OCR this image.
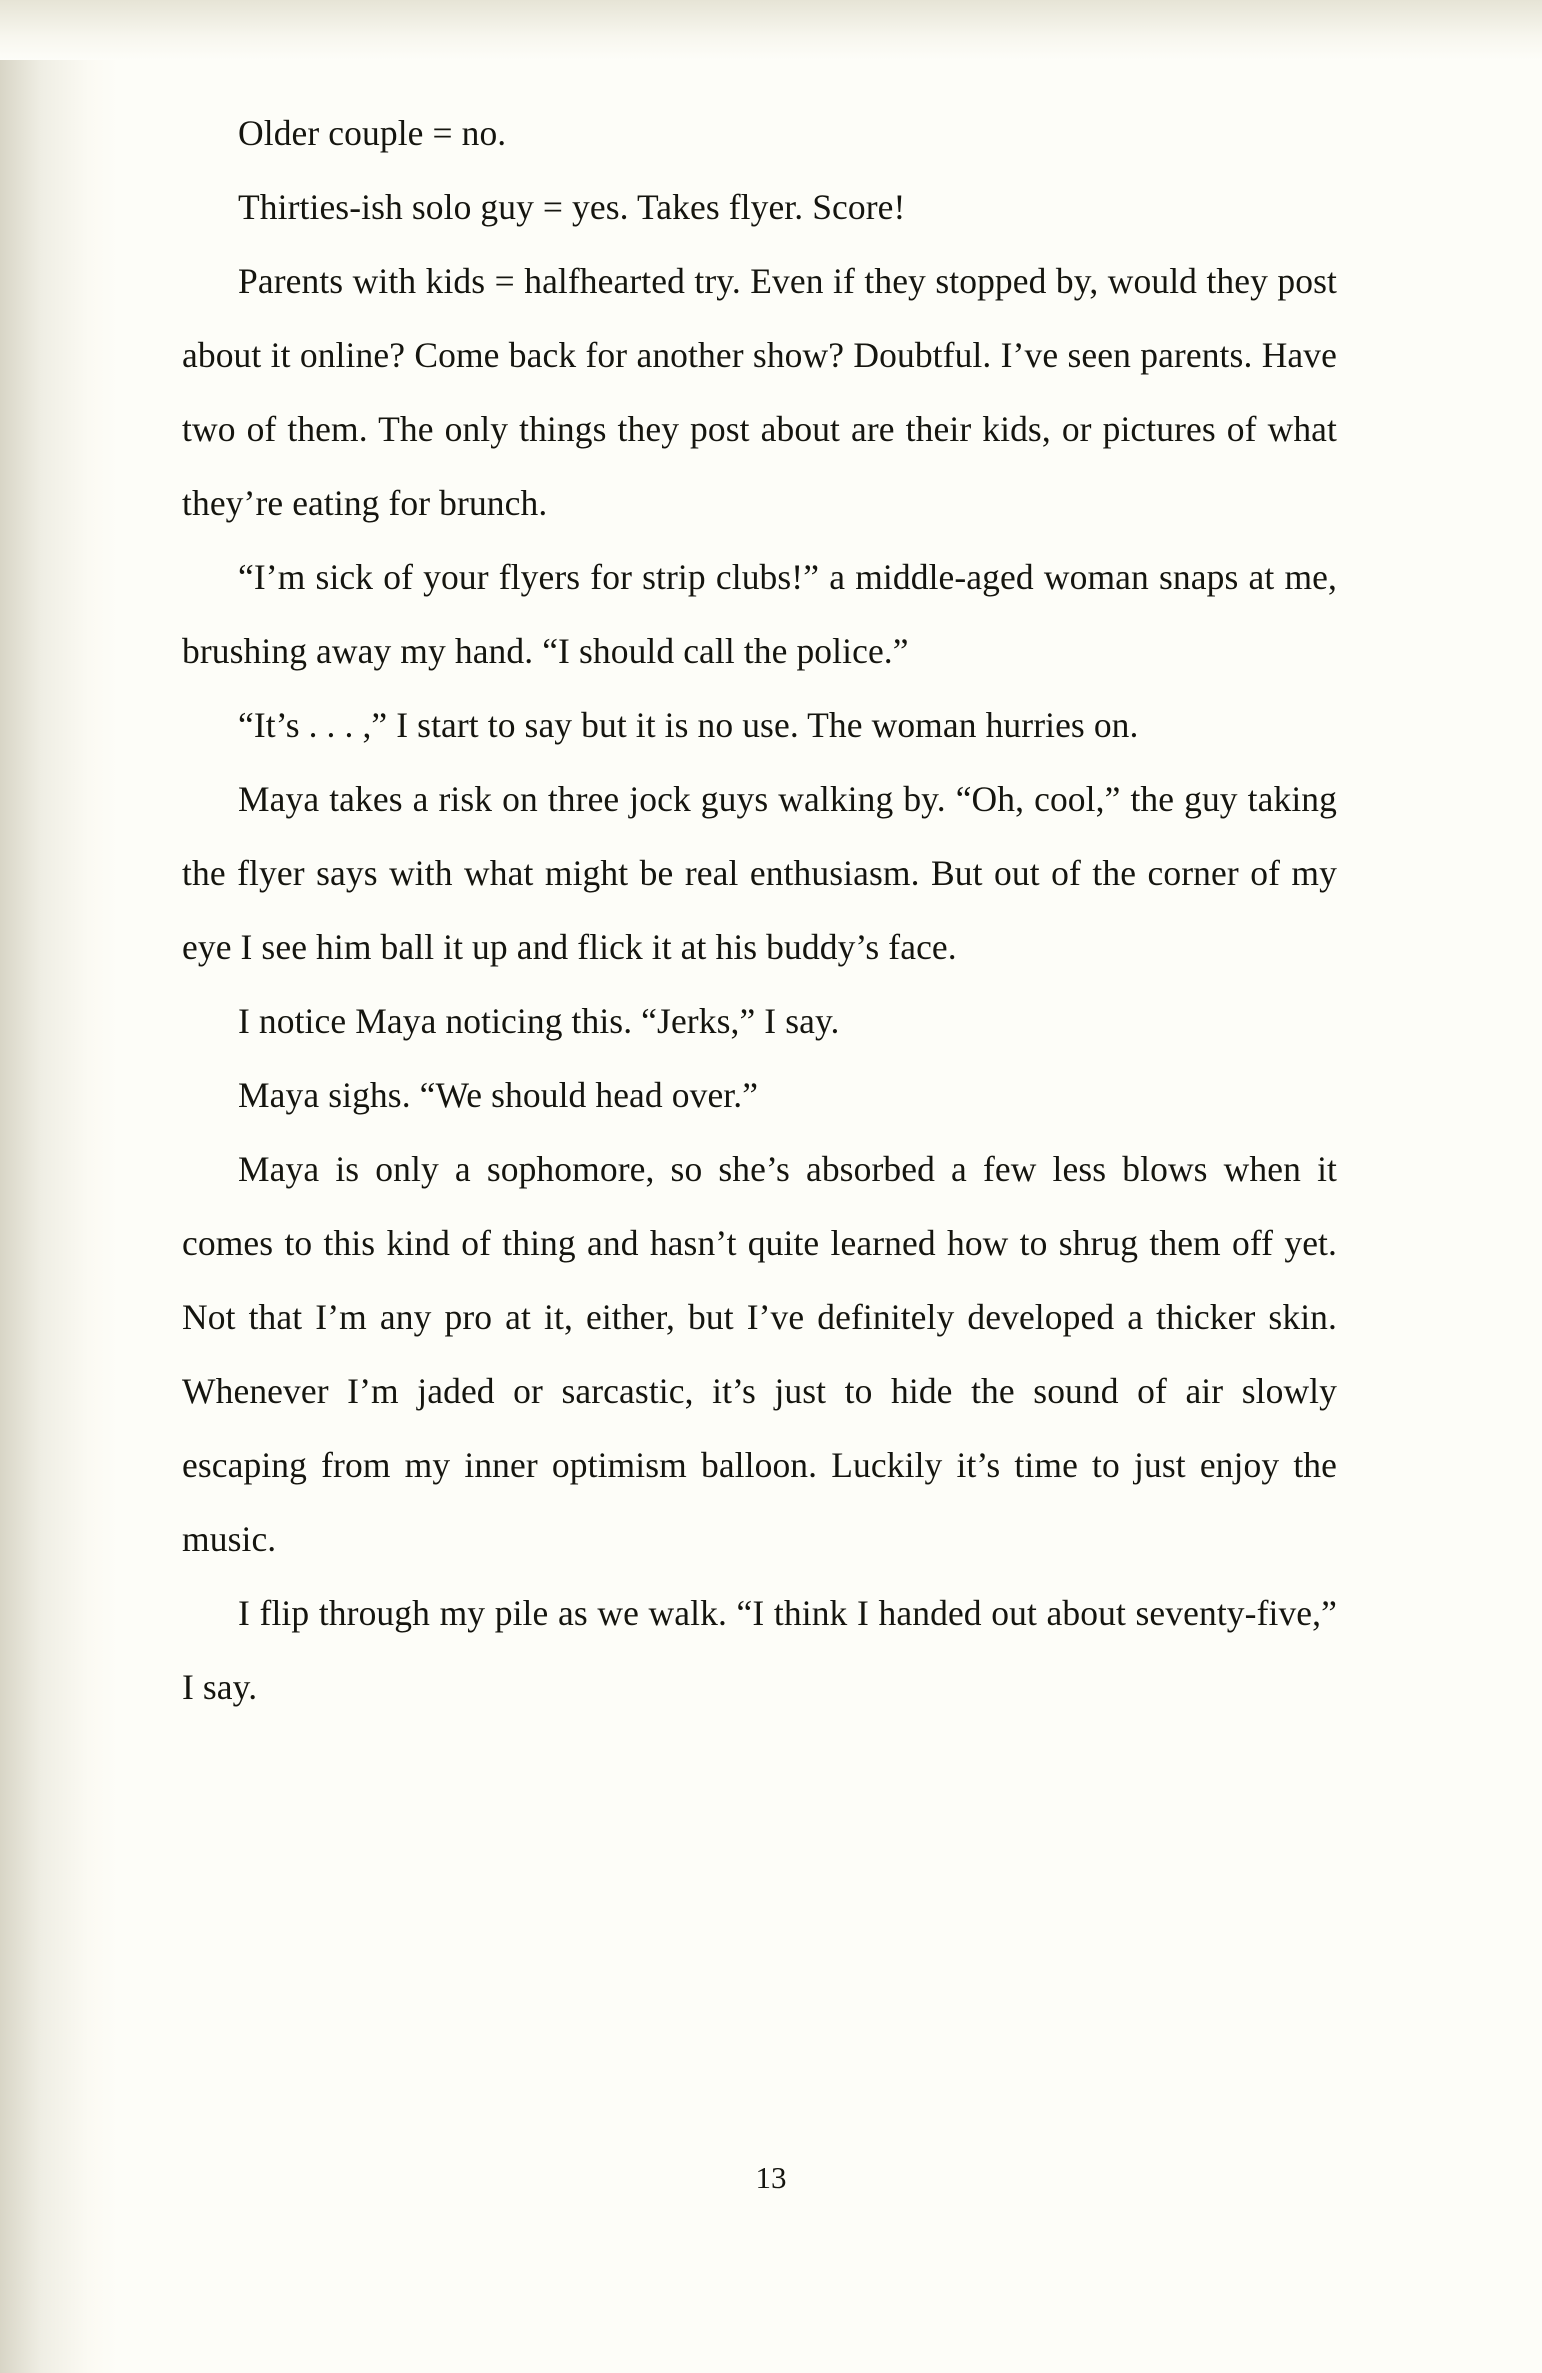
Older couple = no.

Thirties-ish solo guy = yes. Takes flyer. Score!

Parents with kids = halfhearted try. Even if they stopped by, would they post about it online? Come back for another show? Doubtful. I’ve seen parents. Have two of them. The only things they post about are their kids, or pictures of what they’re eating for brunch.

“I’m sick of your flyers for strip clubs!” a middle-aged woman snaps at me, brushing away my hand. “I should call the police.”

“It’s . . . ,” I start to say but it is no use. The woman hurries on.

Maya takes a risk on three jock guys walking by. “Oh, cool,” the guy taking the flyer says with what might be real enthusiasm. But out of the corner of my eye I see him ball it up and flick it at his buddy’s face.

I notice Maya noticing this. “Jerks,” I say.

Maya sighs. “We should head over.”

Maya is only a sophomore, so she’s absorbed a few less blows when it comes to this kind of thing and hasn’t quite learned how to shrug them off yet. Not that I’m any pro at it, either, but I’ve definitely developed a thicker skin. Whenever I’m jaded or sarcastic, it’s just to hide the sound of air slowly escaping from my inner optimism balloon. Luckily it’s time to just enjoy the music.

I flip through my pile as we walk. “I think I handed out about seventy-five,” I say.

13
